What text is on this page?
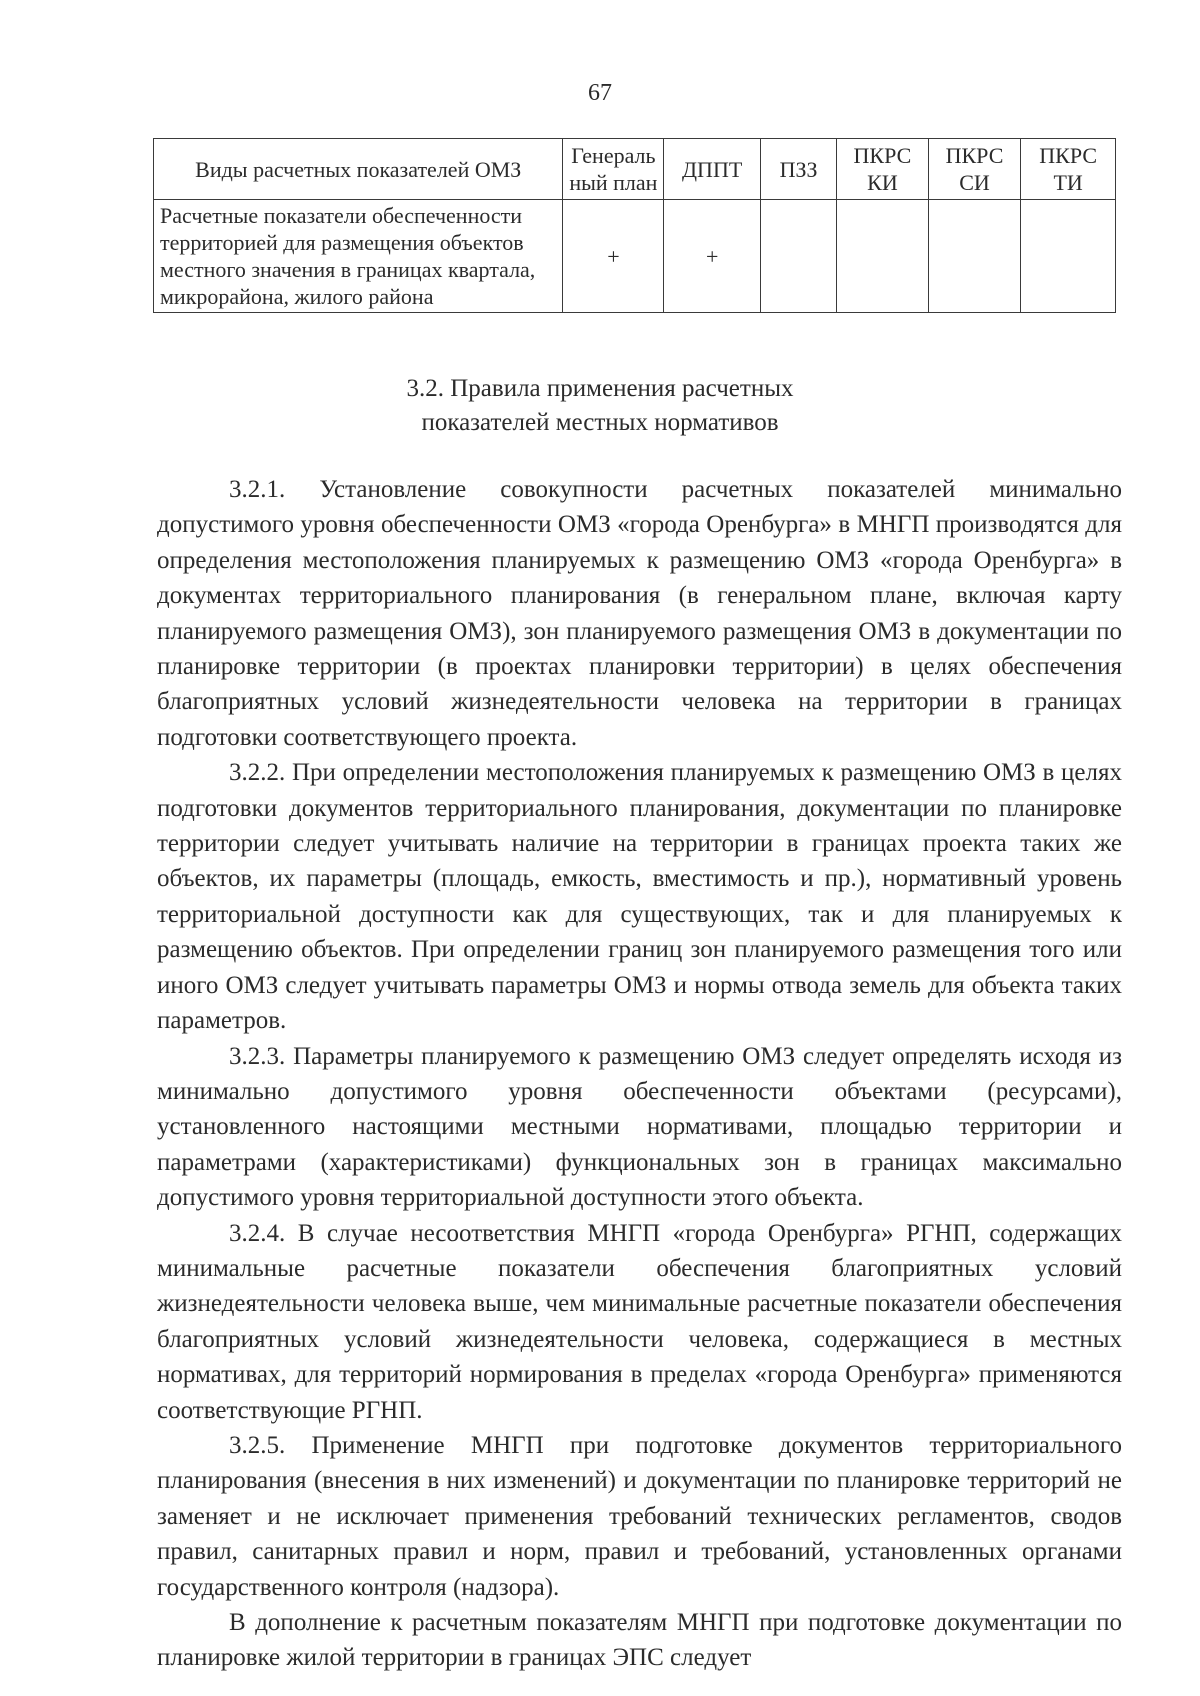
67
Виды расчетных показателей ОМЗ	Генераль ный план	ДППТ	ПЗЗ	ПКРС КИ	ПКРС СИ	ПКРС ТИ
Расчетные показатели обеспеченности территорией для размещения объектов местного значения в границах квартала, микрорайона, жилого района	+	+				
3.2. Правила применения расчетных
показателей местных нормативов

3.2.1. Установление совокупности расчетных показателей минимально допустимого уровня обеспеченности ОМЗ «города Оренбурга» в МНГП производятся для определения местоположения планируемых к размещению ОМЗ «города Оренбурга» в документах территориального планирования (в генеральном плане, включая карту планируемого размещения ОМЗ), зон планируемого размещения ОМЗ в документации по планировке территории (в проектах планировки территории) в целях обеспечения благоприятных условий жизнедеятельности человека на территории в границах подготовки соответствующего проекта.

3.2.2. При определении местоположения планируемых к размещению ОМЗ в целях подготовки документов территориального планирования, документации по планировке территории следует учитывать наличие на территории в границах проекта таких же объектов, их параметры (площадь, емкость, вместимость и пр.), нормативный уровень территориальной доступности как для существующих, так и для планируемых к размещению объектов. При определении границ зон планируемого размещения того или иного ОМЗ следует учитывать параметры ОМЗ и нормы отвода земель для объекта таких параметров.

3.2.3. Параметры планируемого к размещению ОМЗ следует определять исходя из минимально допустимого уровня обеспеченности объектами (ресурсами), установленного настоящими местными нормативами, площадью территории и параметрами (характеристиками) функциональных зон в границах максимально допустимого уровня территориальной доступности этого объекта.

3.2.4. В случае несоответствия МНГП «города Оренбурга» РГНП, содержащих минимальные расчетные показатели обеспечения благоприятных условий жизнедеятельности человека выше, чем минимальные расчетные показатели обеспечения благоприятных условий жизнедеятельности человека, содержащиеся в местных нормативах, для территорий нормирования в пределах «города Оренбурга» применяются соответствующие РГНП.

3.2.5. Применение МНГП при подготовке документов территориального планирования (внесения в них изменений) и документации по планировке территорий не заменяет и не исключает применения требований технических регламентов, сводов правил, санитарных правил и норм, правил и требований, установленных органами государственного контроля (надзора).

В дополнение к расчетным показателям МНГП при подготовке документации по планировке жилой территории в границах ЭПС следует
